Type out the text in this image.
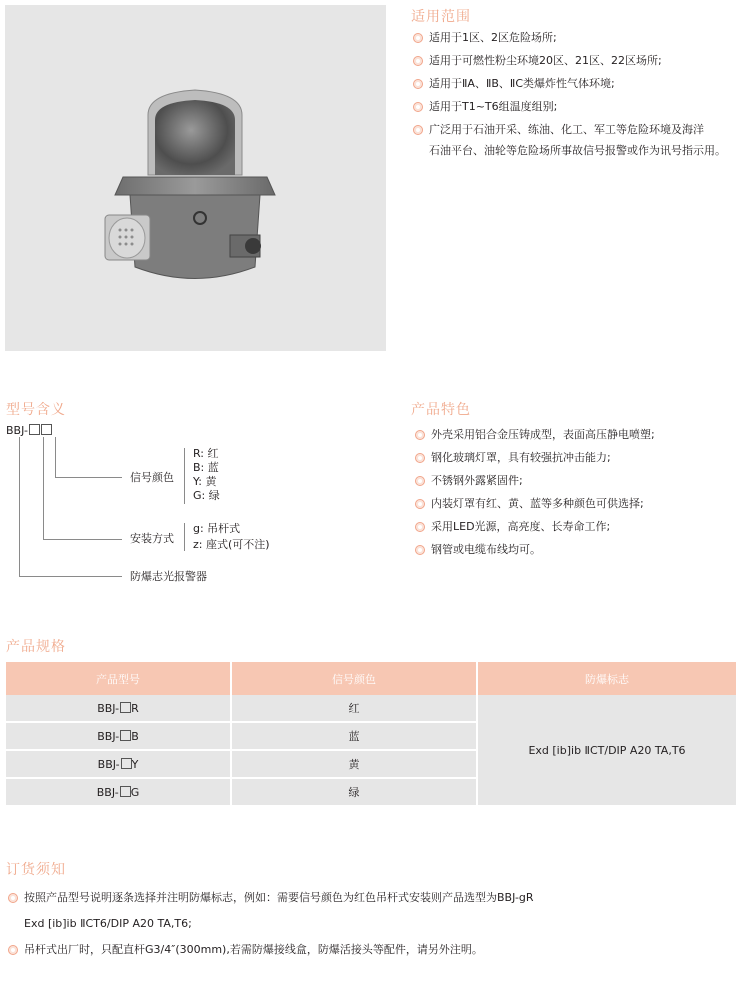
适用范围
适用于1区、2区危险场所;
适用于可燃性粉尘环境20区、21区、22区场所;
适用于ⅡA、ⅡB、ⅡC类爆炸性气体环境;
适用于T1~T6组温度组别;
广泛用于石油开采、练油、化工、军工等危险环境及海洋
石油平台、油轮等危险场所事故信号报警或作为讯号指示用。
型号含义
BBJ-
信号颜色
R: 红
B: 蓝
Y: 黄
G: 绿
安装方式
g: 吊杆式
z: 座式(可不注)
防爆志光报警器
产品特色
外壳采用铝合金压铸成型，表面高压静电喷塑;
钢化玻璃灯罩，具有较强抗冲击能力;
不锈钢外露紧固件;
内装灯罩有红、黄、蓝等多种颜色可供选择;
采用LED光源，高亮度、长寿命工作;
钢管或电缆布线均可。
产品规格
产品型号	信号颜色	防爆标志
BBJ- R	红	Exd [ib]ib ⅡCT/DIP A20 TA,T6
BBJ- B	蓝	
BBJ- Y	黄	
BBJ- G	绿	
订货须知
按照产品型号说明逐条选择并注明防爆标志，例如：需要信号颜色为红色吊杆式安装则产品选型为BBJ-gR
Exd [ib]ib ⅡCT6/DIP A20 TA,T6;
吊杆式出厂时，只配直杆G3/4″(300mm),若需防爆接线盒，防爆活接头等配件，请另外注明。
